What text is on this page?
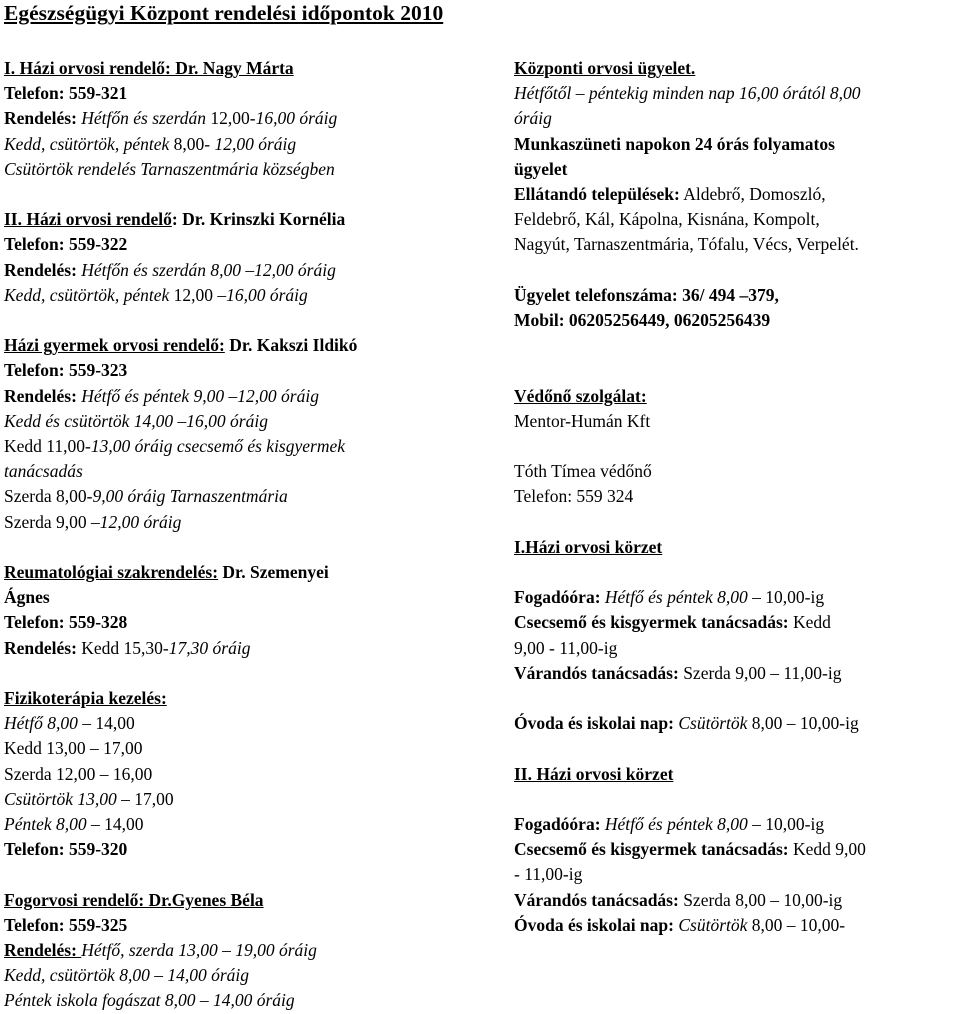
Egészségügyi Központ rendelési időpontok 2010
I. Házi orvosi rendelő: Dr. Nagy Márta
Telefon: 559-321
Rendelés: Hétfőn és szerdán 12,00-16,00 óráig
Kedd, csütörtök, péntek 8,00- 12,00 óráig
Csütörtök rendelés Tarnaszentmária községben
II. Házi orvosi rendelő: Dr. Krinszki Kornélia
Telefon: 559-322
Rendelés: Hétfőn és szerdán 8,00 –12,00 óráig
Kedd, csütörtök, péntek 12,00 –16,00 óráig
Házi gyermek orvosi rendelő: Dr. Kakszi Ildikó
Telefon: 559-323
Rendelés: Hétfő és péntek 9,00 –12,00 óráig
Kedd és csütörtök 14,00 –16,00 óráig
Kedd 11,00-13,00 óráig csecsemő és kisgyermek
tanácsadás
Szerda 8,00-9,00 óráig Tarnaszentmária
Szerda 9,00 –12,00 óráig
Reumatológiai szakrendelés: Dr. Szemenyei
Ágnes
Telefon: 559-328
Rendelés: Kedd 15,30-17,30 óráig
Fizikoterápia kezelés:
Hétfő 8,00 – 14,00
Kedd 13,00 – 17,00
Szerda 12,00 – 16,00
Csütörtök 13,00 – 17,00
Péntek 8,00 – 14,00
Telefon: 559-320
Fogorvosi rendelő: Dr.Gyenes Béla
Telefon: 559-325
Rendelés: Hétfő, szerda 13,00 – 19,00 óráig
Kedd, csütörtök 8,00 – 14,00 óráig
Péntek iskola fogászat 8,00 – 14,00 óráig
Központi orvosi ügyelet.
Hétfőtől – péntekig minden nap 16,00 órától 8,00
óráig
Munkaszüneti napokon 24 órás folyamatos
ügyelet
Ellátandó települések: Aldebrő, Domoszló,
Feldebrő, Kál, Kápolna, Kisnána, Kompolt,
Nagyút, Tarnaszentmária, Tófalu, Vécs, Verpelét.
Ügyelet telefonszáma: 36/ 494 –379,
Mobil: 06205256449, 06205256439
Védőnő szolgálat:
Mentor-Humán Kft
Tóth Tímea védőnő
Telefon: 559 324
I.Házi orvosi körzet
Fogadóóra: Hétfő és péntek 8,00 – 10,00-ig
Csecsemő és kisgyermek tanácsadás: Kedd
9,00 - 11,00-ig
Várandós tanácsadás: Szerda 9,00 – 11,00-ig
Óvoda és iskolai nap: Csütörtök 8,00 – 10,00-ig
II. Házi orvosi körzet
Fogadóóra: Hétfő és péntek 8,00 – 10,00-ig
Csecsemő és kisgyermek tanácsadás: Kedd 9,00
- 11,00-ig
Várandós tanácsadás: Szerda 8,00 – 10,00-ig
Óvoda és iskolai nap: Csütörtök 8,00 – 10,00-
